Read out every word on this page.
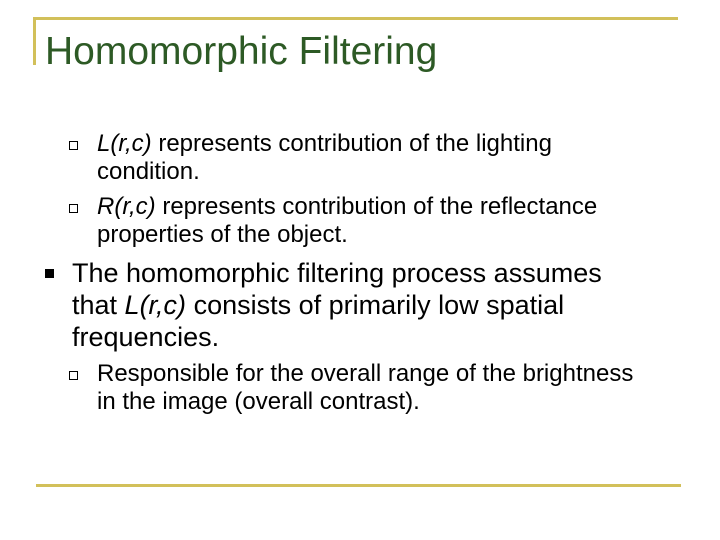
Homomorphic Filtering
L(r,c) represents contribution of the lighting
condition.
R(r,c) represents contribution of the reflectance
properties of the object.
The homomorphic filtering process assumes
that L(r,c) consists of primarily low spatial
frequencies.
Responsible for the overall range of the brightness
in the image (overall contrast).
